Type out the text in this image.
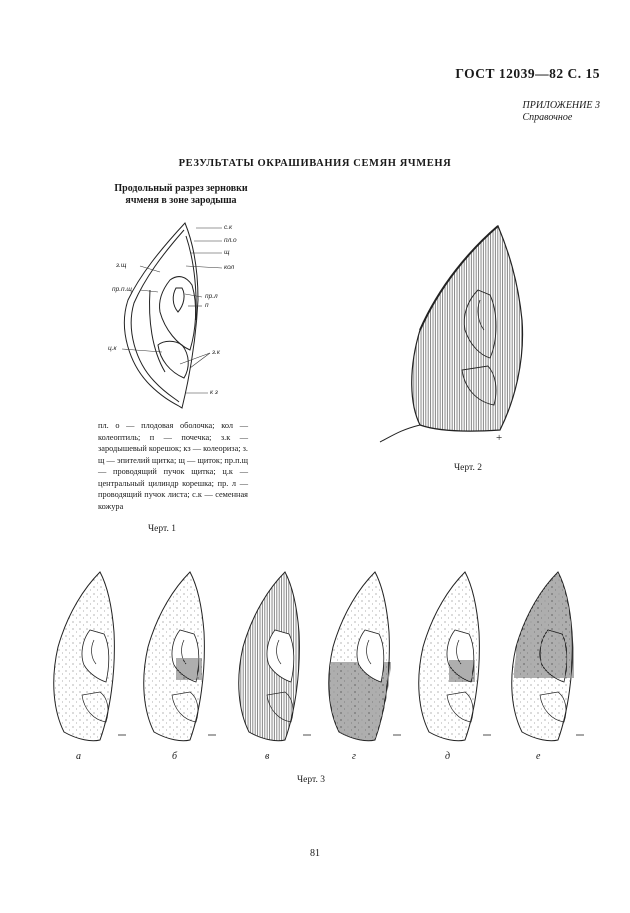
ГОСТ 12039—82 С. 15
ПРИЛОЖЕНИЕ 3
Справочное
РЕЗУЛЬТАТЫ ОКРАШИВАНИЯ СЕМЯН ЯЧМЕНЯ
Продольный разрез зерновки
ячменя в зоне зародыша
с.к
пл.о
щ
з.щ	кол
пр.п.щ
пр.л
п
ц.к
з.к
к з
пл. о — плодовая оболочка; кол — колеоптиль; п — почечка; з.к — зародышевый корешок; кз — колеориза; з. щ — эпителий щитка; щ — щиток; пр.п.щ — проводящий пучок щитка; ц.к — центральный цилиндр корешка; пр. л — проводящий пучок листа; с.к — семенная кожура
Черт. 1
+
Черт. 2
а	б	в	г	д	е
Черт. 3
81
